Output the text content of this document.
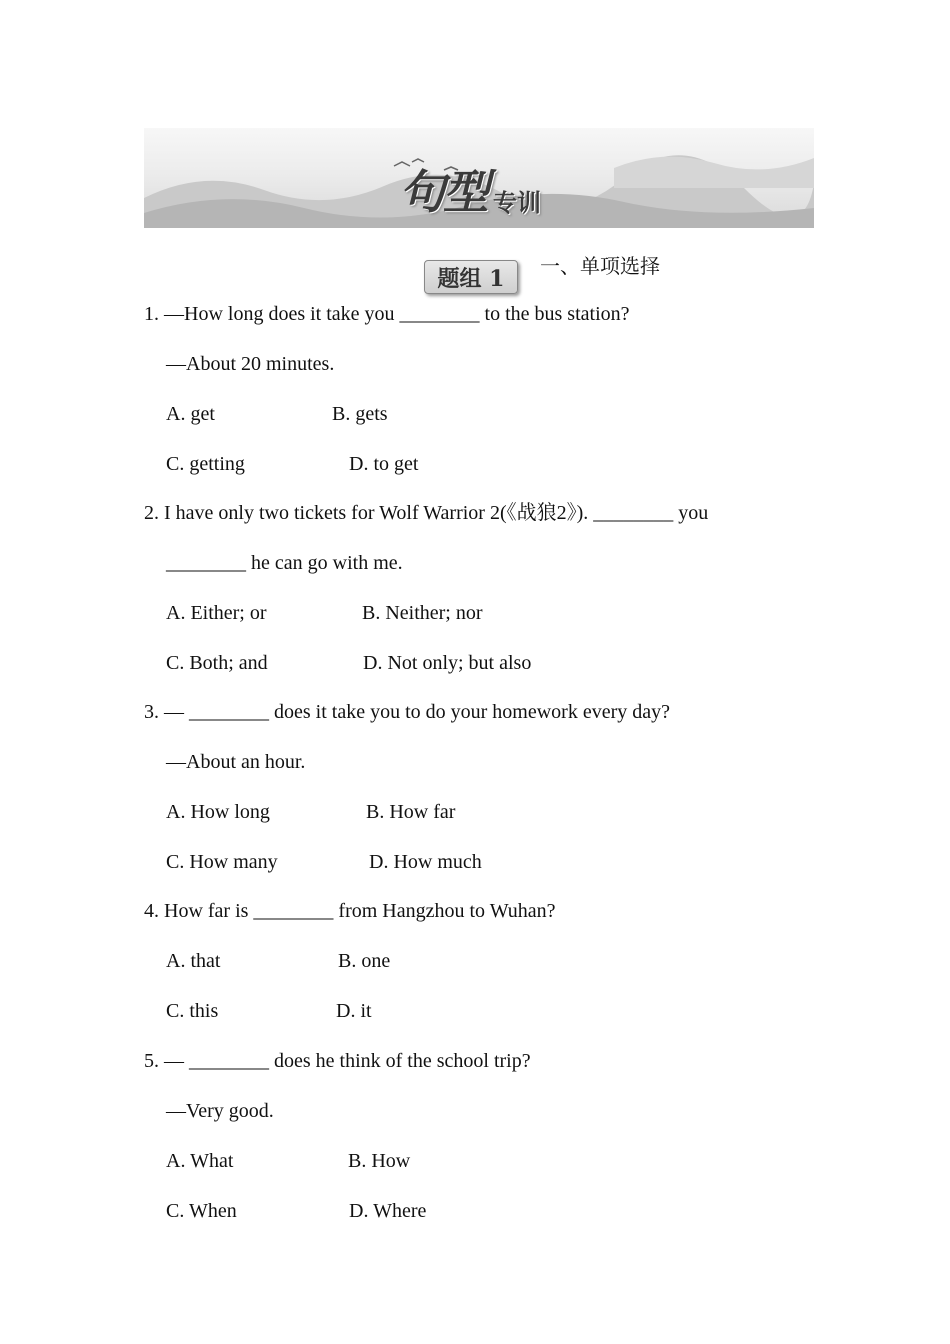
句型 专训
题组 1	一、单项选择
1. —How long does it take you ________ to the bus station?
—About 20 minutes.
A. get	B. gets
C. getting	D. to get
2. I have only two tickets for Wolf Warrior 2(《战狼2》). ________ you
________ he can go with me.
A. Either; or	B. Neither; nor
C. Both; and	D. Not only; but also
3. — ________ does it take you to do your homework every day?
—About an hour.
A. How long	B. How far
C. How many	D. How much
4. How far is ________ from Hangzhou to Wuhan?
A. that	B. one
C. this	D. it
5. — ________ does he think of the school trip?
—Very good.
A. What	B. How
C. When	D. Where
